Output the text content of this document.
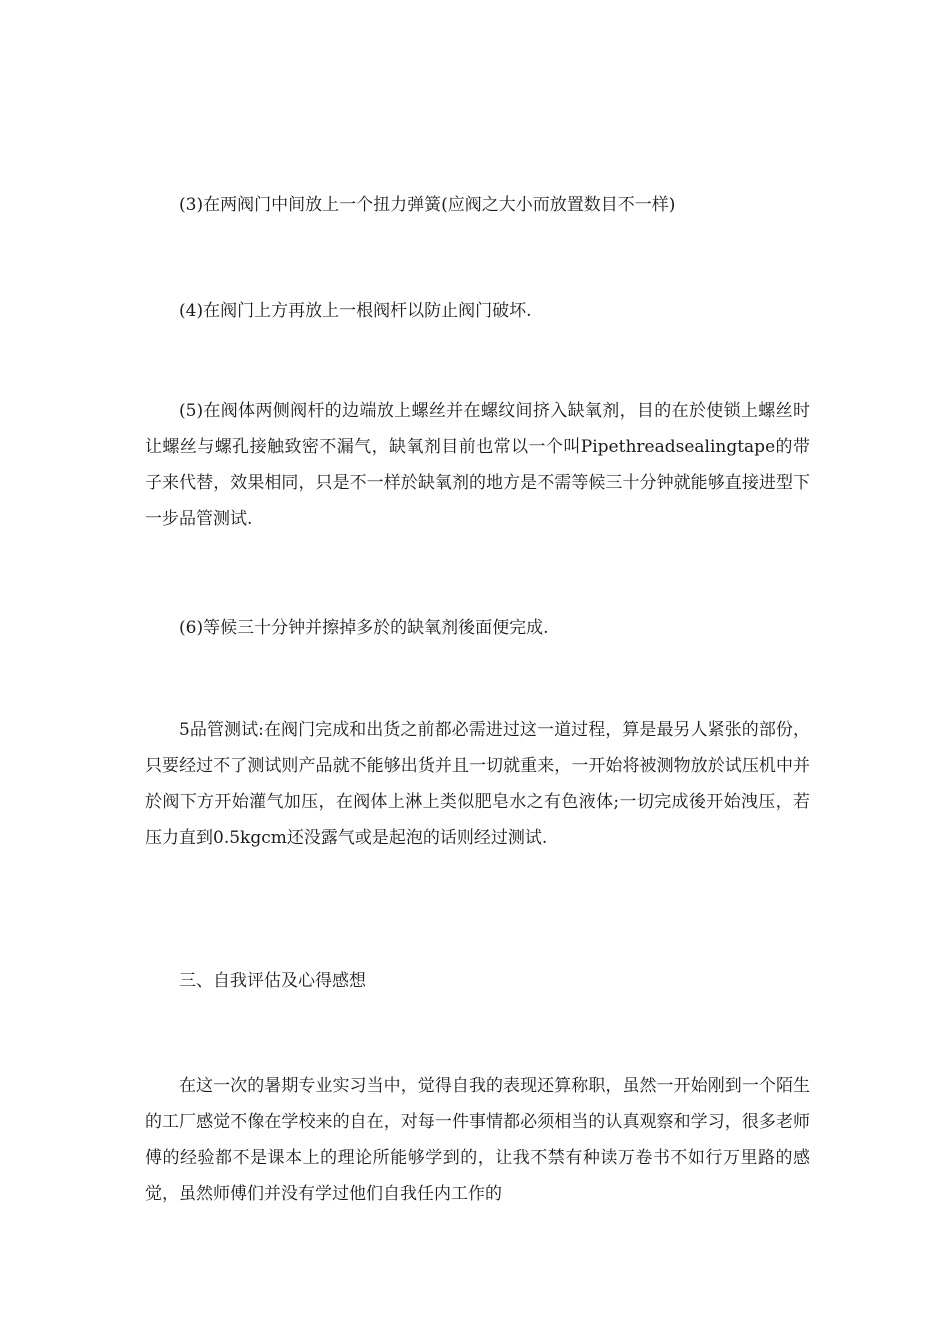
(3)在两阀门中间放上一个扭力弹簧(应阀之大小而放置数目不一样)

(4)在阀门上方再放上一根阀杆以防止阀门破坏.

(5)在阀体两侧阀杆的边端放上螺丝并在螺纹间挤入缺氧剂，目的在於使锁上螺丝时让螺丝与螺孔接触致密不漏气，缺氧剂目前也常以一个叫Pipethreadsealingtape的带子来代替，效果相同，只是不一样於缺氧剂的地方是不需等候三十分钟就能够直接进型下一步品管测试.

(6)等候三十分钟并擦掉多於的缺氧剂後面便完成.

5品管测试:在阀门完成和出货之前都必需进过这一道过程，算是最另人紧张的部份，只要经过不了测试则产品就不能够出货并且一切就重来，一开始将被测物放於试压机中并於阀下方开始灌气加压，在阀体上淋上类似肥皂水之有色液体;一切完成後开始洩压，若压力直到0.5kgcm还没露气或是起泡的话则经过测试.

三、自我评估及心得感想

在这一次的暑期专业实习当中，觉得自我的表现还算称职，虽然一开始刚到一个陌生的工厂感觉不像在学校来的自在，对每一件事情都必须相当的认真观察和学习，很多老师傅的经验都不是课本上的理论所能够学到的，让我不禁有种读万卷书不如行万里路的感觉，虽然师傅们并没有学过他们自我任内工作的
